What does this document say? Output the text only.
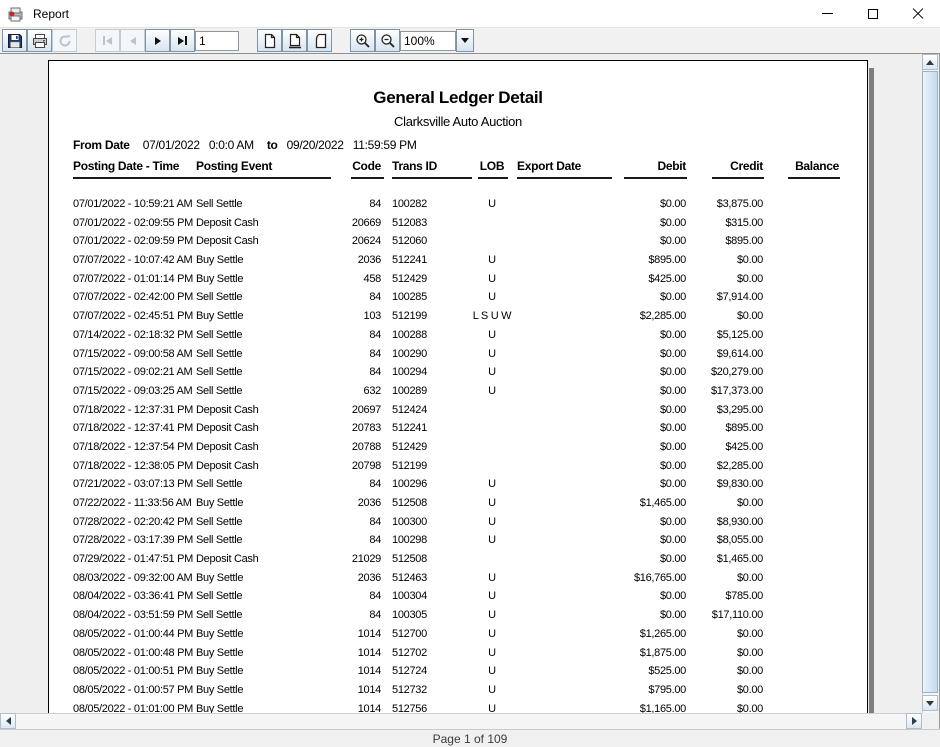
Report
1
100%
General Ledger Detail
Clarksville Auto Auction
From Date 07/01/2022 0:0:0 AM to 09/20/2022 11:59:59 PM
Posting Date - Time Posting Event	Code Trans ID	LOB	Export Date	Debit	Credit	Balance
07/01/2022 - 10:59:21 AM Sell Settle	84 100282	U	$0.00	$3,875.00
07/01/2022 - 02:09:55 PM Deposit Cash	20669 512083	$0.00	$315.00
07/01/2022 - 02:09:59 PM Deposit Cash	20624 512060	$0.00	$895.00
07/07/2022 - 10:07:42 AM Buy Settle	2036 512241	U	$895.00	$0.00
07/07/2022 - 01:01:14 PM Buy Settle	458 512429	U	$425.00	$0.00
07/07/2022 - 02:42:00 PM Sell Settle	84 100285	U	$0.00	$7,914.00
07/07/2022 - 02:45:51 PM Buy Settle	103 512199	L S U W	$2,285.00	$0.00
07/14/2022 - 02:18:32 PM Sell Settle	84 100288	U	$0.00	$5,125.00
07/15/2022 - 09:00:58 AM Sell Settle	84 100290	U	$0.00	$9,614.00
07/15/2022 - 09:02:21 AM Sell Settle	84 100294	U	$0.00	$20,279.00
07/15/2022 - 09:03:25 AM Sell Settle	632 100289	U	$0.00	$17,373.00
07/18/2022 - 12:37:31 PM Deposit Cash	20697 512424	$0.00	$3,295.00
07/18/2022 - 12:37:41 PM Deposit Cash	20783 512241	$0.00	$895.00
07/18/2022 - 12:37:54 PM Deposit Cash	20788 512429	$0.00	$425.00
07/18/2022 - 12:38:05 PM Deposit Cash	20798 512199	$0.00	$2,285.00
07/21/2022 - 03:07:13 PM Sell Settle	84 100296	U	$0.00	$9,830.00
07/22/2022 - 11:33:56 AM Buy Settle	2036 512508	U	$1,465.00	$0.00
07/28/2022 - 02:20:42 PM Sell Settle	84 100300	U	$0.00	$8,930.00
07/28/2022 - 03:17:39 PM Sell Settle	84 100298	U	$0.00	$8,055.00
07/29/2022 - 01:47:51 PM Deposit Cash	21029 512508	$0.00	$1,465.00
08/03/2022 - 09:32:00 AM Buy Settle	2036 512463	U	$16,765.00	$0.00
08/04/2022 - 03:36:41 PM Sell Settle	84 100304	U	$0.00	$785.00
08/04/2022 - 03:51:59 PM Sell Settle	84 100305	U	$0.00	$17,110.00
08/05/2022 - 01:00:44 PM Buy Settle	1014 512700	U	$1,265.00	$0.00
08/05/2022 - 01:00:48 PM Buy Settle	1014 512702	U	$1,875.00	$0.00
08/05/2022 - 01:00:51 PM Buy Settle	1014 512724	U	$525.00	$0.00
08/05/2022 - 01:00:57 PM Buy Settle	1014 512732	U	$795.00	$0.00
08/05/2022 - 01:01:00 PM Buy Settle	1014 512756	U	$1,165.00	$0.00
Page 1 of 109
